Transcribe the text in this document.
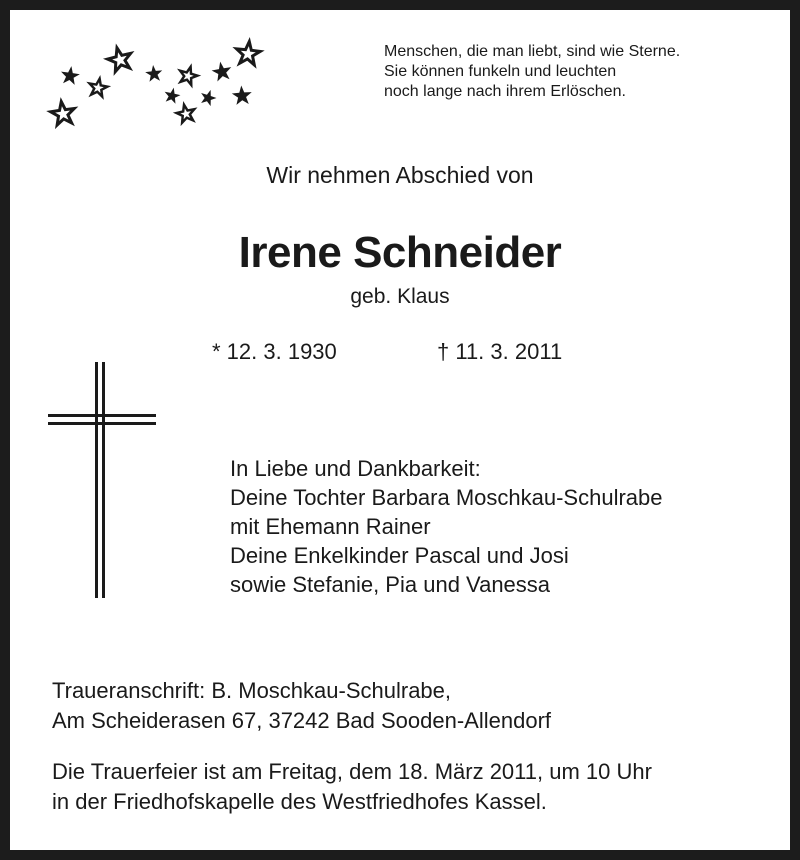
Menschen, die man liebt, sind wie Sterne.
Sie können funkeln und leuchten
noch lange nach ihrem Erlöschen.
Wir nehmen Abschied von
Irene Schneider
geb. Klaus
* 12. 3. 1930	† 11. 3. 2011
In Liebe und Dankbarkeit:
Deine Tochter Barbara Moschkau-Schulrabe
mit Ehemann Rainer
Deine Enkelkinder Pascal und Josi
sowie Stefanie, Pia und Vanessa
Traueranschrift: B. Moschkau-Schulrabe,
Am Scheiderasen 67, 37242 Bad Sooden-Allendorf
Die Trauerfeier ist am Freitag, dem 18. März 2011, um 10 Uhr
in der Friedhofskapelle des Westfriedhofes Kassel.
